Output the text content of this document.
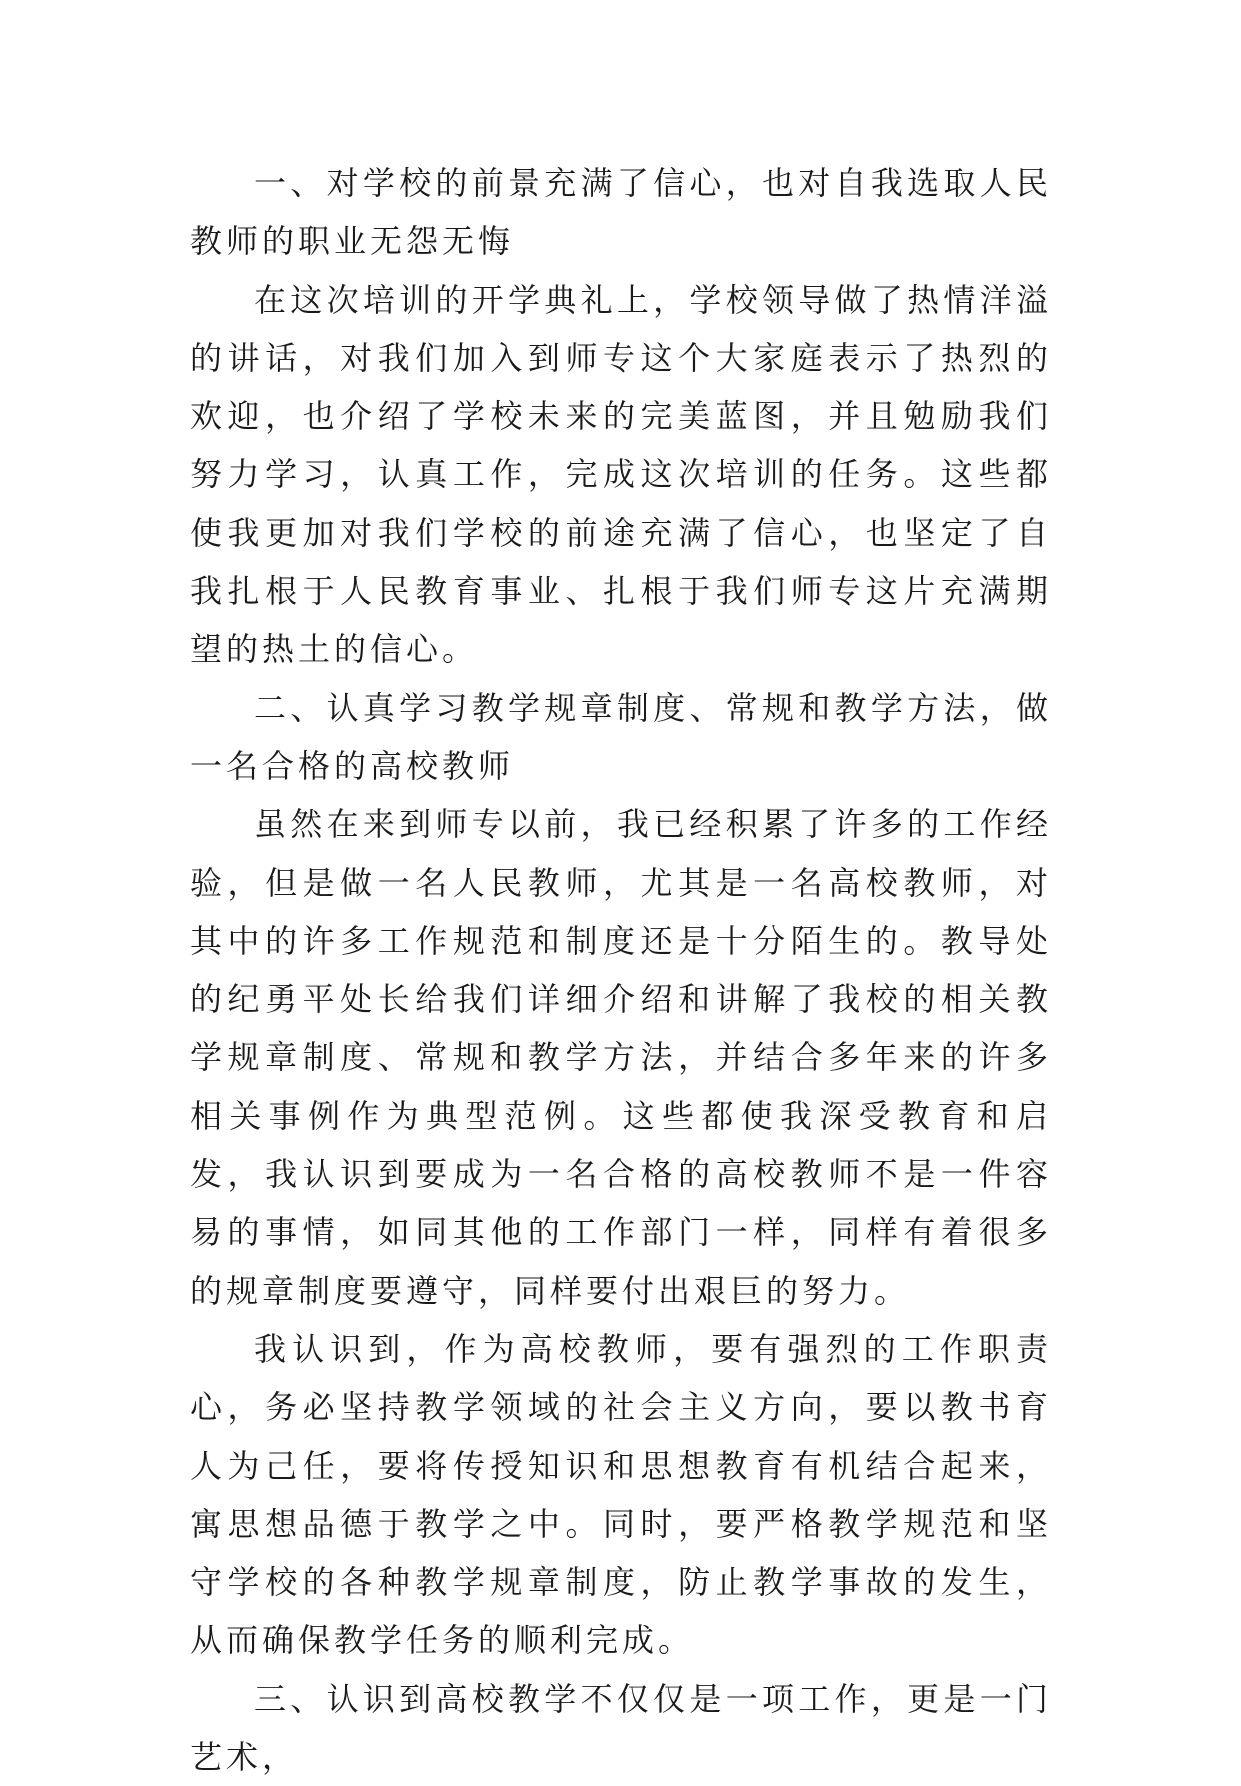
一、对学校的前景充满了信心，也对自我选取人民教师的职业无怨无悔

在这次培训的开学典礼上，学校领导做了热情洋溢的讲话，对我们加入到师专这个大家庭表示了热烈的欢迎，也介绍了学校未来的完美蓝图，并且勉励我们努力学习，认真工作，完成这次培训的任务。这些都使我更加对我们学校的前途充满了信心，也坚定了自我扎根于人民教育事业、扎根于我们师专这片充满期望的热土的信心。

二、认真学习教学规章制度、常规和教学方法，做一名合格的高校教师

虽然在来到师专以前，我已经积累了许多的工作经验，但是做一名人民教师，尤其是一名高校教师，对其中的许多工作规范和制度还是十分陌生的。教导处的纪勇平处长给我们详细介绍和讲解了我校的相关教学规章制度、常规和教学方法，并结合多年来的许多相关事例作为典型范例。这些都使我深受教育和启发，我认识到要成为一名合格的高校教师不是一件容易的事情，如同其他的工作部门一样，同样有着很多的规章制度要遵守，同样要付出艰巨的努力。

我认识到，作为高校教师，要有强烈的工作职责心，务必坚持教学领域的社会主义方向，要以教书育人为己任，要将传授知识和思想教育有机结合起来，寓思想品德于教学之中。同时，要严格教学规范和坚守学校的各种教学规章制度，防止教学事故的发生，从而确保教学任务的顺利完成。

三、认识到高校教学不仅仅是一项工作，更是一门艺术，
